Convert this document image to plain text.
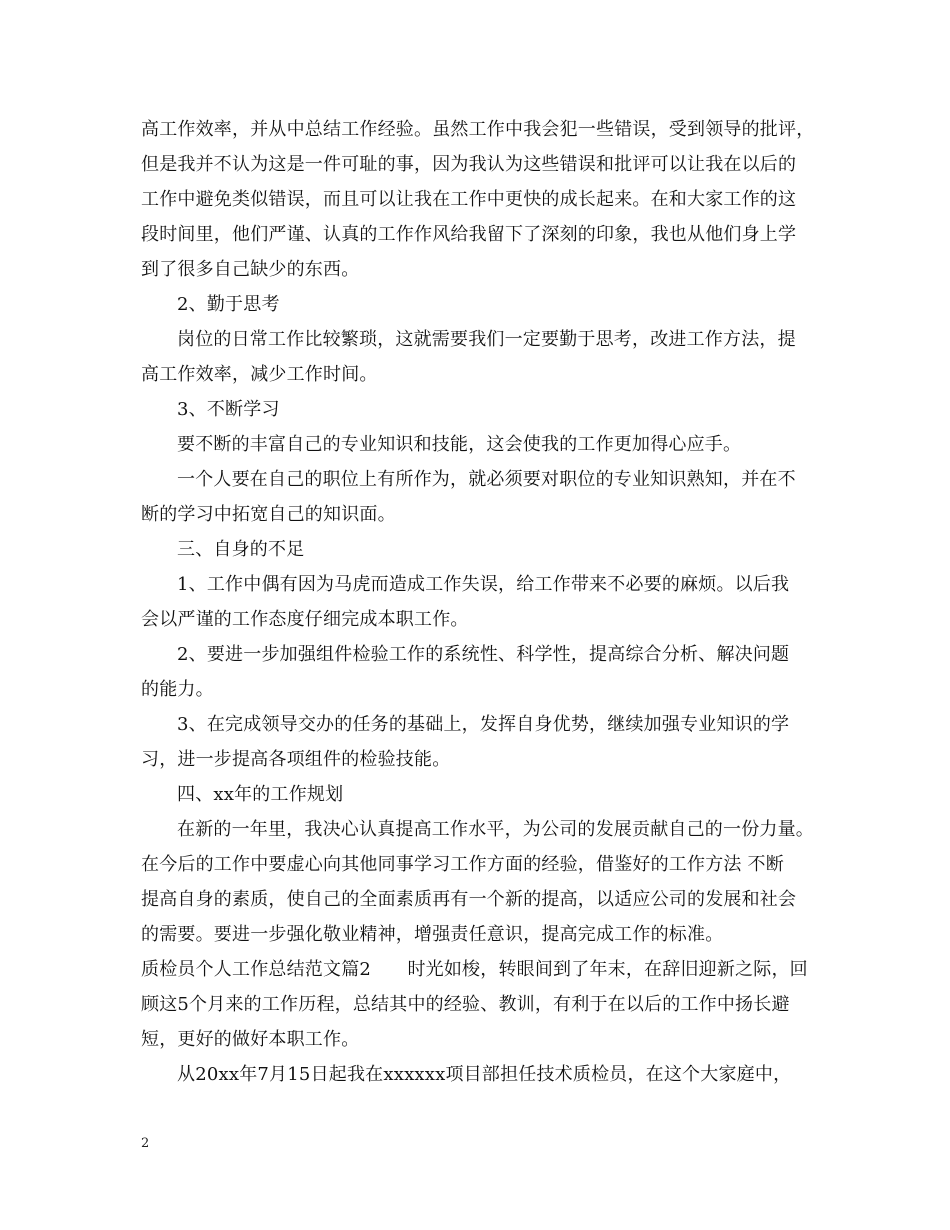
高工作效率，并从中总结工作经验。虽然工作中我会犯一些错误，受到领导的批评，
但是我并不认为这是一件可耻的事，因为我认为这些错误和批评可以让我在以后的
工作中避免类似错误，而且可以让我在工作中更快的成长起来。在和大家工作的这
段时间里，他们严谨、认真的工作作风给我留下了深刻的印象，我也从他们身上学
到了很多自己缺少的东西。
2、勤于思考
岗位的日常工作比较繁琐，这就需要我们一定要勤于思考，改进工作方法，提
高工作效率，减少工作时间。
3、不断学习
要不断的丰富自己的专业知识和技能，这会使我的工作更加得心应手。
一个人要在自己的职位上有所作为，就必须要对职位的专业知识熟知，并在不
断的学习中拓宽自己的知识面。
三、自身的不足
1、工作中偶有因为马虎而造成工作失误，给工作带来不必要的麻烦。以后我
会以严谨的工作态度仔细完成本职工作。
2、要进一步加强组件检验工作的系统性、科学性，提高综合分析、解决问题
的能力。
3、在完成领导交办的任务的基础上，发挥自身优势，继续加强专业知识的学
习，进一步提高各项组件的检验技能。
四、xx年的工作规划
在新的一年里，我决心认真提高工作水平，为公司的发展贡献自己的一份力量。
在今后的工作中要虚心向其他同事学习工作方面的经验，借鉴好的工作方法 不断
提高自身的素质，使自己的全面素质再有一个新的提高，以适应公司的发展和社会
的需要。要进一步强化敬业精神，增强责任意识，提高完成工作的标准。
质检员个人工作总结范文篇2　　时光如梭，转眼间到了年末，在辞旧迎新之际，回
顾这5个月来的工作历程，总结其中的经验、教训，有利于在以后的工作中扬长避
短，更好的做好本职工作。
从20xx年7月15日起我在xxxxxx项目部担任技术质检员，在这个大家庭中，
2
